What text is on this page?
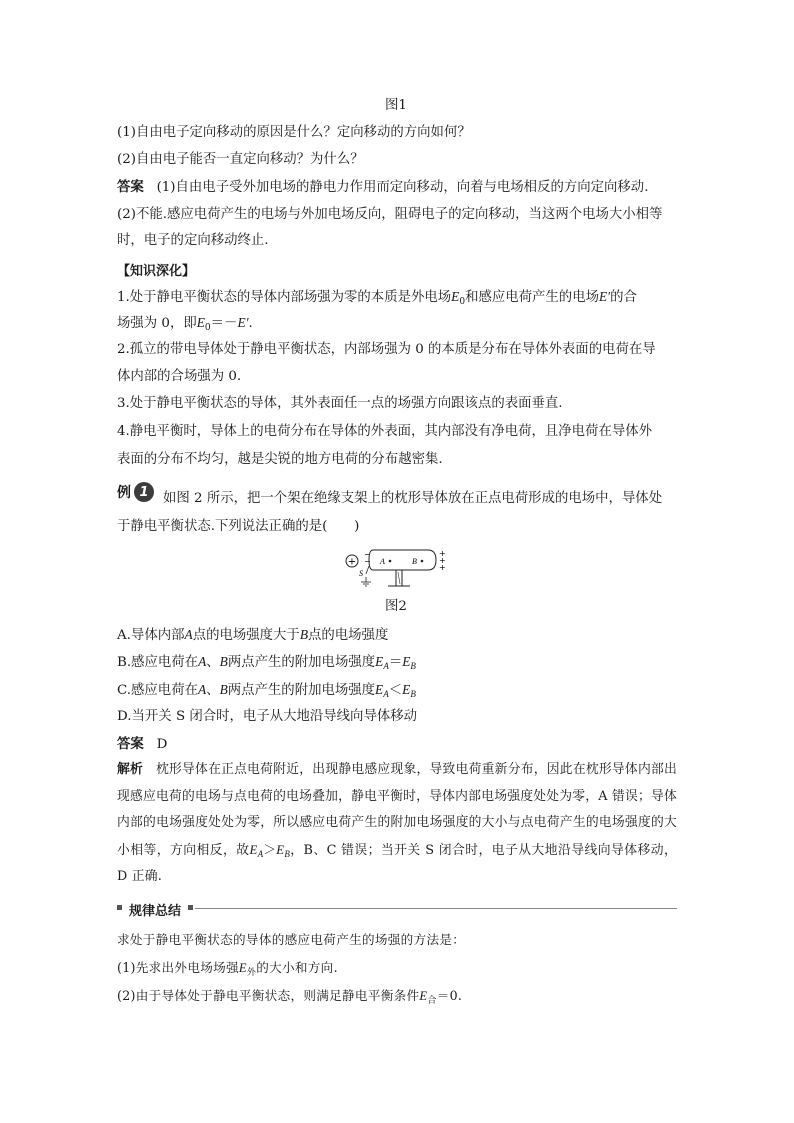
图1
(1)自由电子定向移动的原因是什么？定向移动的方向如何？
(2)自由电子能否一直定向移动？为什么？
答案 (1)自由电子受外加电场的静电力作用而定向移动，向着与电场相反的方向定向移动.
(2)不能.感应电荷产生的电场与外加电场反向，阻碍电子的定向移动，当这两个电场大小相等
时，电子的定向移动终止.
【知识深化】
1.处于静电平衡状态的导体内部场强为零的本质是外电场$E_0$和感应电荷产生的电场E′的合
场强为 0，即$E_0=-E'$.
2.孤立的带电导体处于静电平衡状态，内部场强为 0 的本质是分布在导体外表面的电荷在导
体内部的合场强为 0.
3.处于静电平衡状态的导体，其外表面任一点的场强方向跟该点的表面垂直.
4.静电平衡时，导体上的电荷分布在导体的外表面，其内部没有净电荷，且净电荷在导体外
表面的分布不均匀，越是尖锐的地方电荷的分布越密集.
例 1	如图 2 所示，把一个架在绝缘支架上的枕形导体放在正点电荷形成的电场中，导体处
于静电平衡状态.下列说法正确的是(　　)
+
−
− A	B
+
+
+
S
图2
A.导体内部A点的电场强度大于B点的电场强度
B.感应电荷在A、B两点产生的附加电场强度$E_A=E_B$
C.感应电荷在A、B两点产生的附加电场强度$E_A<E_B$
D.当开关 S 闭合时，电子从大地沿导线向导体移动
答案 D
解析 枕形导体在正点电荷附近，出现静电感应现象，导致电荷重新分布，因此在枕形导体内部出现感应电荷的电场与点电荷的电场叠加，静电平衡时，导体内部电场强度处处为零，A 错误；导体内部的电场强度处处为零，所以感应电荷产生的附加电场强度的大小与点电荷产生的电场强度的大小相等，方向相反，故$E_A>E_B$，B、C 错误；当开关 S 闭合时，电子从大地沿导线向导体移动，D 正确.
规律总结
求处于静电平衡状态的导体的感应电荷产生的场强的方法是：
(1)先求出外电场场强$E_外$的大小和方向.
(2)由于导体处于静电平衡状态，则满足静电平衡条件$E_合=0$.
